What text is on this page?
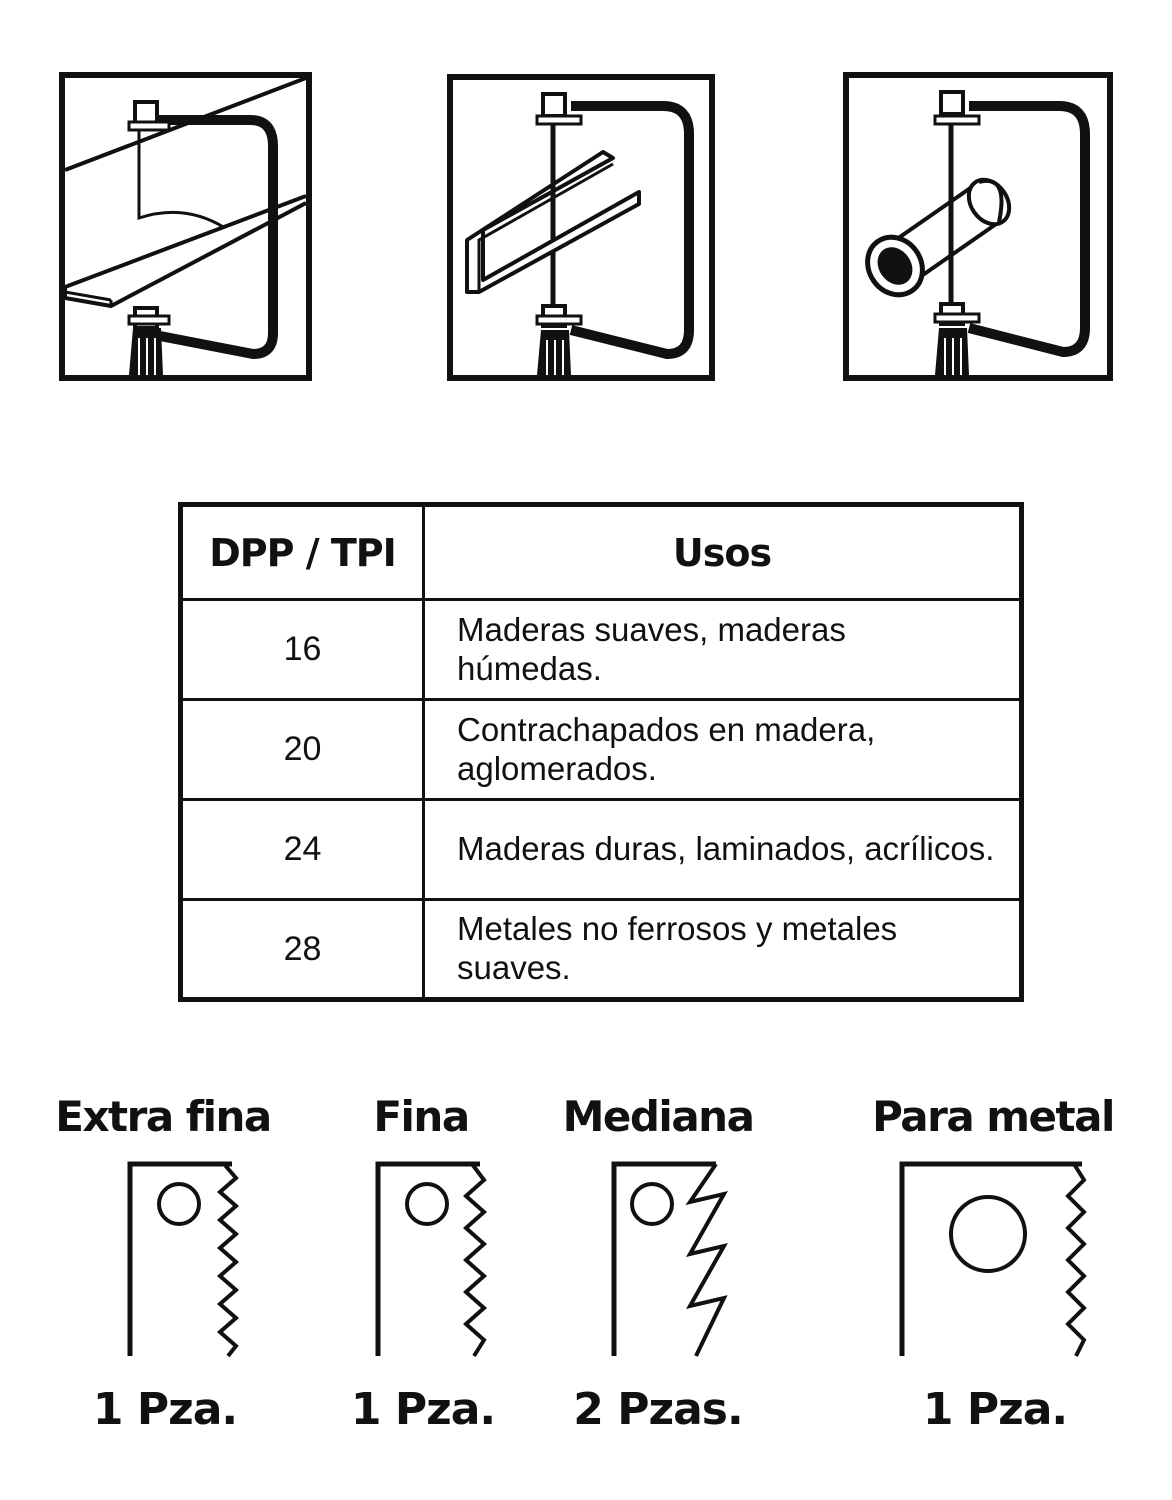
DPP / TPI	Usos
16	Maderas suaves, maderas húmedas.
20	Contrachapados en madera, aglomerados.
24	Maderas duras, laminados, acrílicos.
28	Metales no ferrosos y metales suaves.
Extra fina
1 Pza.
Fina
1 Pza.
Mediana
2 Pzas.
Para metal
1 Pza.
